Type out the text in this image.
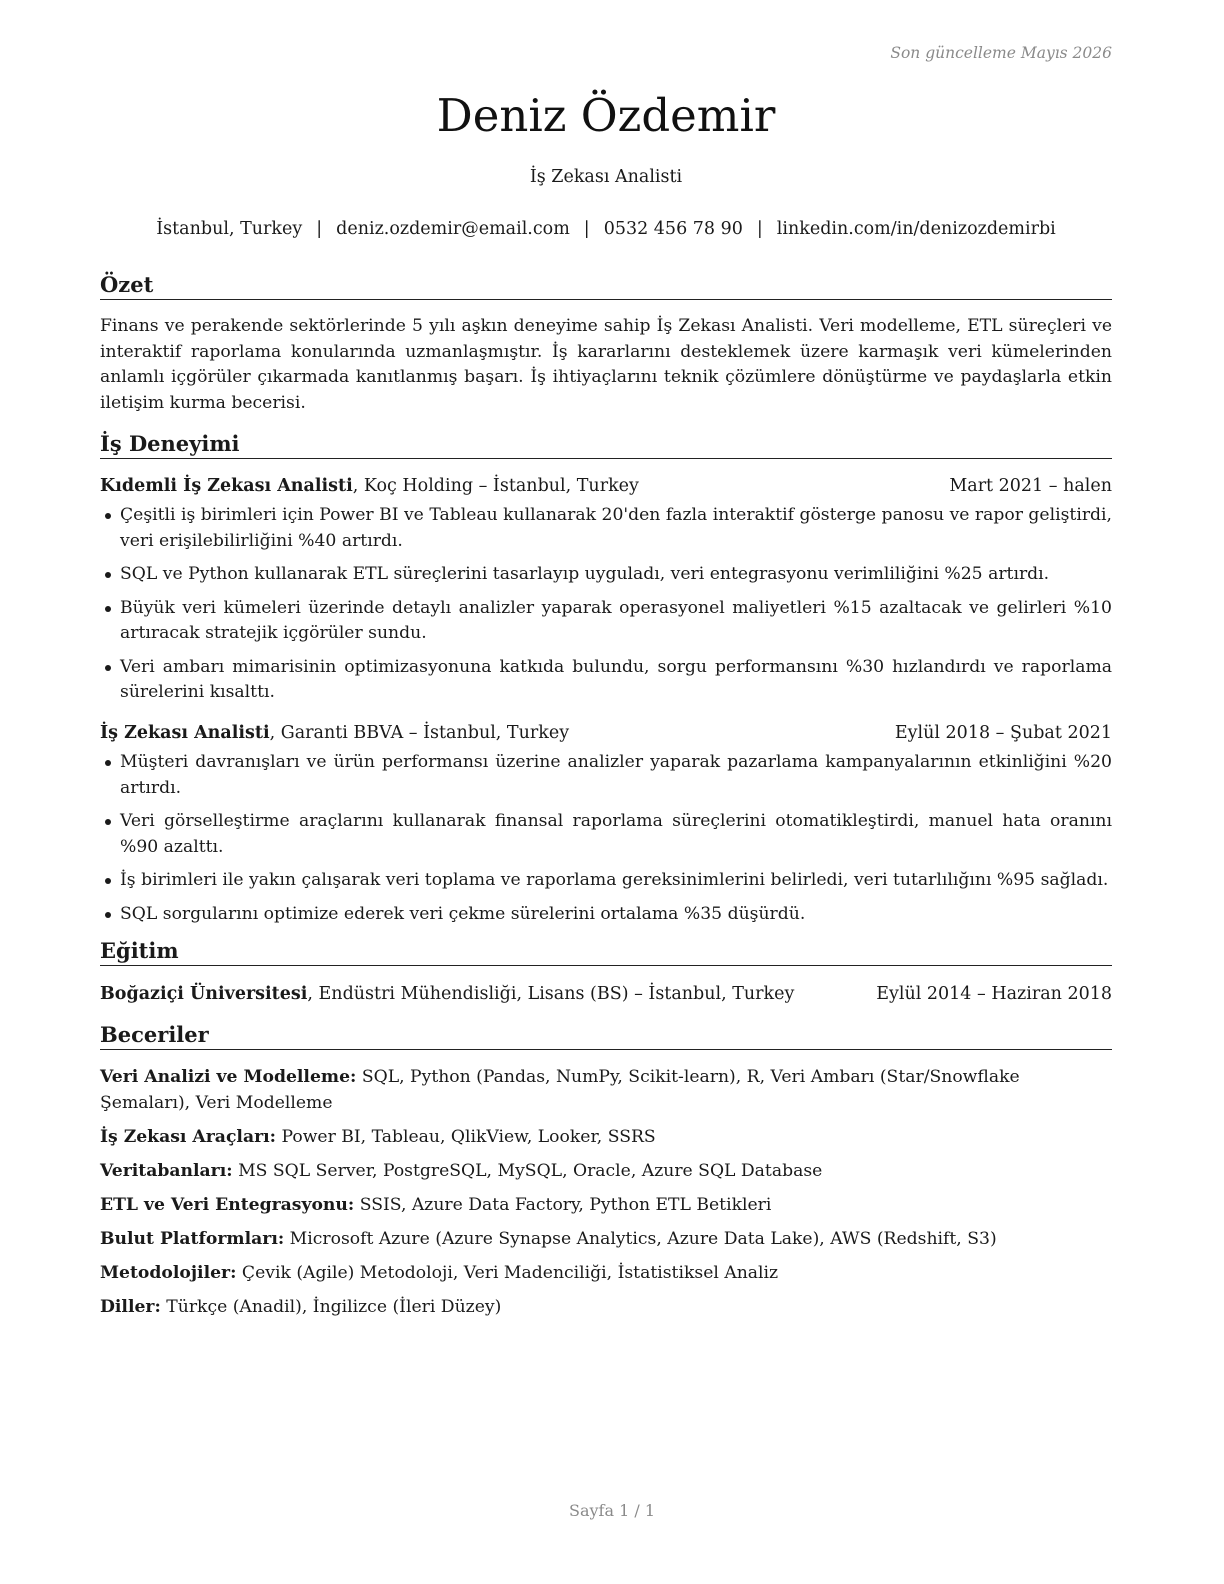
Son güncelleme Mayıs 2026
Deniz Özdemir
İş Zekası Analisti
İstanbul, Turkey | deniz.ozdemir@email.com | 0532 456 78 90 | linkedin.com/in/denizozdemirbi
Özet
Finans ve perakende sektörlerinde 5 yılı aşkın deneyime sahip İş Zekası Analisti. Veri modelleme, ETL süreçleri ve interaktif raporlama konularında uzmanlaşmıştır. İş kararlarını desteklemek üzere karmaşık veri kümelerinden anlamlı içgörüler çıkarmada kanıtlanmış başarı. İş ihtiyaçlarını teknik çözümlere dönüştürme ve paydaşlarla etkin iletişim kurma becerisi.
İş Deneyimi
Kıdemli İş Zekası Analisti, Koç Holding – İstanbul, Turkey	Mart 2021 – halen
Çeşitli iş birimleri için Power BI ve Tableau kullanarak 20'den fazla interaktif gösterge panosu ve rapor geliştirdi, veri erişilebilirliğini %40 artırdı.
SQL ve Python kullanarak ETL süreçlerini tasarlayıp uyguladı, veri entegrasyonu verimliliğini %25 artırdı.
Büyük veri kümeleri üzerinde detaylı analizler yaparak operasyonel maliyetleri %15 azaltacak ve gelirleri %10 artıracak stratejik içgörüler sundu.
Veri ambarı mimarisinin optimizasyonuna katkıda bulundu, sorgu performansını %30 hızlandırdı ve raporlama sürelerini kısalttı.
İş Zekası Analisti, Garanti BBVA – İstanbul, Turkey	Eylül 2018 – Şubat 2021
Müşteri davranışları ve ürün performansı üzerine analizler yaparak pazarlama kampanyalarının etkinliğini %20 artırdı.
Veri görselleştirme araçlarını kullanarak finansal raporlama süreçlerini otomatikleştirdi, manuel hata oranını %90 azalttı.
İş birimleri ile yakın çalışarak veri toplama ve raporlama gereksinimlerini belirledi, veri tutarlılığını %95 sağladı.
SQL sorgularını optimize ederek veri çekme sürelerini ortalama %35 düşürdü.
Eğitim
Boğaziçi Üniversitesi, Endüstri Mühendisliği, Lisans (BS) – İstanbul, Turkey	Eylül 2014 – Haziran 2018
Beceriler
Veri Analizi ve Modelleme: SQL, Python (Pandas, NumPy, Scikit-learn), R, Veri Ambarı (Star/Snowflake Şemaları), Veri Modelleme
İş Zekası Araçları: Power BI, Tableau, QlikView, Looker, SSRS
Veritabanları: MS SQL Server, PostgreSQL, MySQL, Oracle, Azure SQL Database
ETL ve Veri Entegrasyonu: SSIS, Azure Data Factory, Python ETL Betikleri
Bulut Platformları: Microsoft Azure (Azure Synapse Analytics, Azure Data Lake), AWS (Redshift, S3)
Metodolojiler: Çevik (Agile) Metodoloji, Veri Madenciliği, İstatistiksel Analiz
Diller: Türkçe (Anadil), İngilizce (İleri Düzey)
Sayfa 1 / 1
